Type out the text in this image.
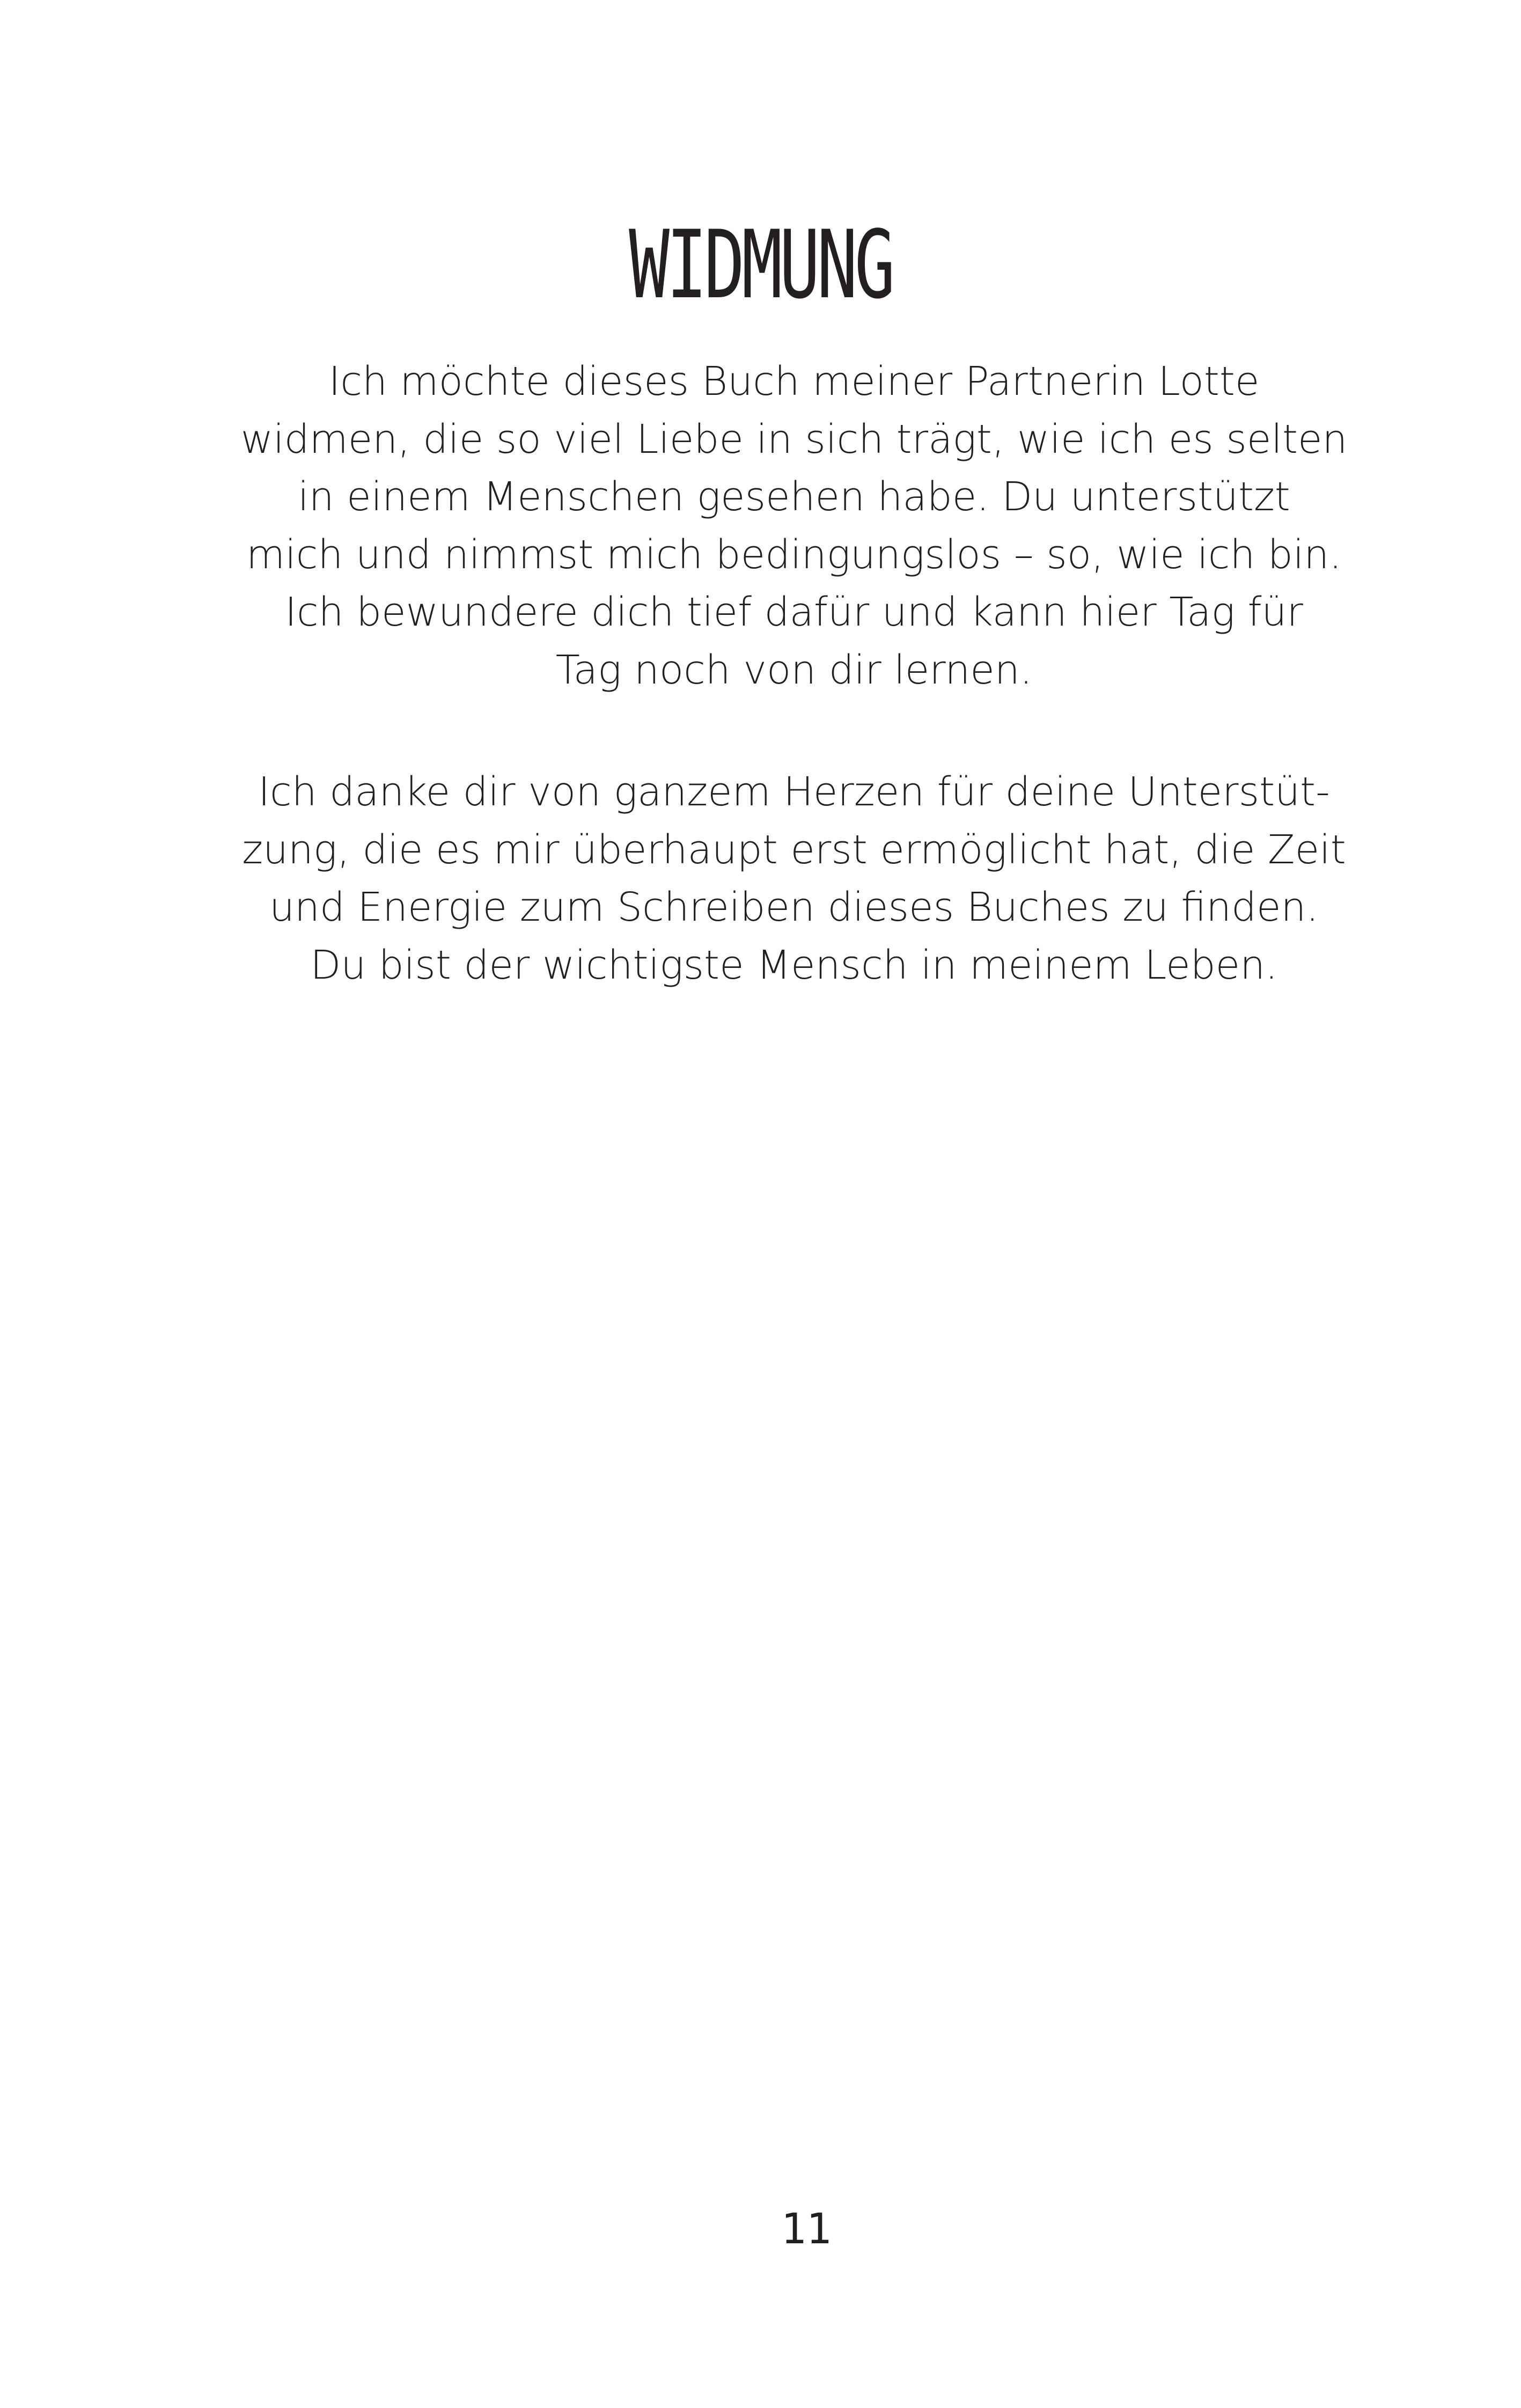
WIDMUNG
Ich möchte dieses Buch meiner Partnerin Lotte
widmen, die so viel Liebe in sich trägt, wie ich es selten
in einem Menschen gesehen habe. Du unterstützt
mich und nimmst mich bedingungslos – so, wie ich bin.
Ich bewundere dich tief dafür und kann hier Tag für
Tag noch von dir lernen.
Ich danke dir von ganzem Herzen für deine Unterstüt-
zung, die es mir überhaupt erst ermöglicht hat, die Zeit
und Energie zum Schreiben dieses Buches zu finden.
Du bist der wichtigste Mensch in meinem Leben.
11
